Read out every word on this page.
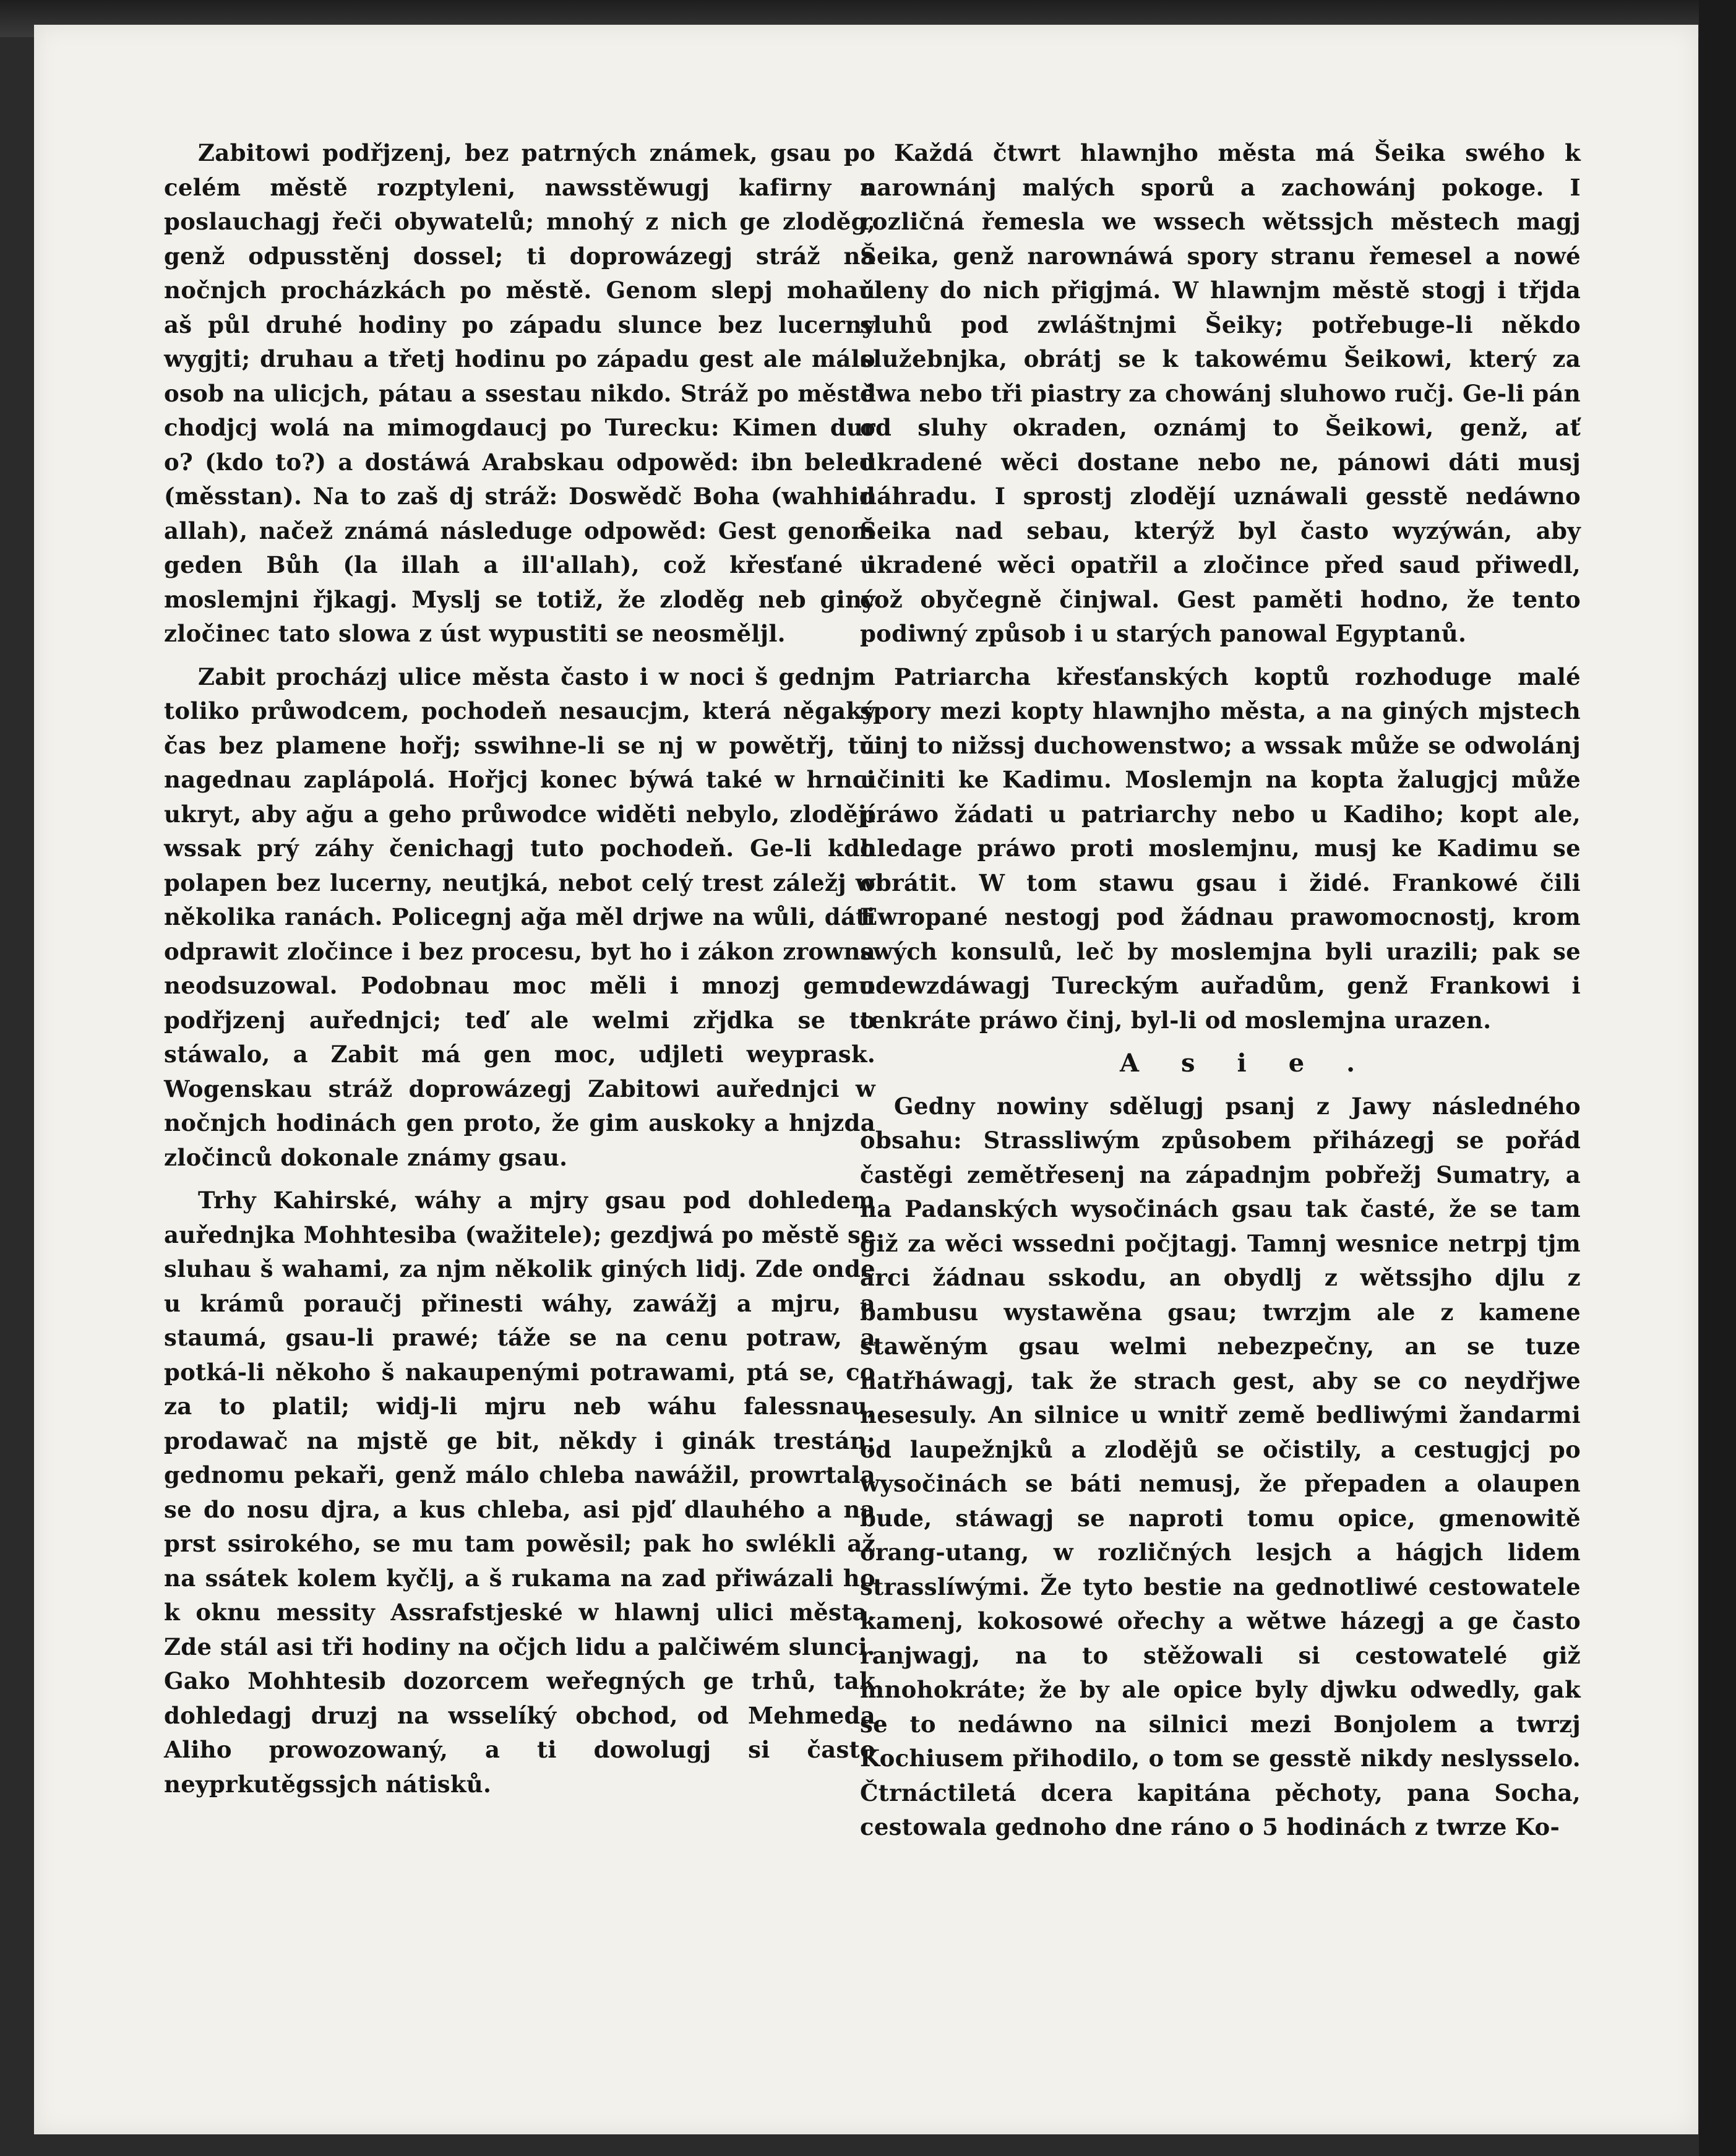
Zabitowi podřjzenj, bez patrných známek, gsau po celém městě rozptyleni, nawsstěwugj kafirny a poslauchagj řeči obywatelů; mnohý z nich ge zloděg, genž odpusstěnj dossel; ti doprowázegj stráž na nočnjch procházkách po městě. Genom slepj mohau aš půl druhé hodiny po západu slunce bez lucerny wygjti; druhau a třetj hodinu po západu gest ale málo osob na ulicjch, pátau a ssestau nikdo. Stráž po městě chodjcj wolá na mimogdaucj po Turecku: Kimen dur o? (kdo to?) a dostáwá Arabskau odpowěd: ibn beled (měsstan). Na to zaš dj stráž: Doswědč Boha (wahhid allah), načež známá následuge odpowěd: Gest genom geden Bůh (la illah a ill'allah), což křesťané i moslemjni řjkagj. Myslj se totiž, že zloděg neb giný zločinec tato slowa z úst wypustiti se neosměljl.

Zabit procházj ulice města často i w noci š gednjm toliko průwodcem, pochodeň nesaucjm, která něgaký čas bez plamene hořj; sswihne-li se nj w powětřj, tu nagednau zaplápolá. Hořjcj konec býwá také w hrnci ukryt, aby ağu a geho průwodce widěti nebylo, zlodějí wssak prý záhy čenichagj tuto pochodeň. Ge-li kdo polapen bez lucerny, neutjká, nebot celý trest záležj w několika ranách. Policegnj ağa měl drjwe na wůli, dáti odprawit zločince i bez procesu, byt ho i zákon zrowna neodsuzowal. Podobnau moc měli i mnozj gemu podřjzenj auřednjci; teď ale welmi zřjdka se to stáwalo, a Zabit má gen moc, udjleti weyprask. Wogenskau stráž doprowázegj Zabitowi auřednjci w nočnjch hodinách gen proto, že gim auskoky a hnjzda zločinců dokonale známy gsau.

Trhy Kahirské, wáhy a mjry gsau pod dohledem auřednjka Mohhtesiba (wažitele); gezdjwá po městě se sluhau š wahami, za njm několik giných lidj. Zde onde u krámů poraučj přinesti wáhy, zawážj a mjru, a staumá, gsau-li prawé; táže se na cenu potraw, a potká-li někoho š nakaupenými potrawami, ptá se, co za to platil; widj-li mjru neb wáhu falessnau, prodawač na mjstě ge bit, někdy i ginák trestán; gednomu pekaři, genž málo chleba nawážil, prowrtala se do nosu djra, a kus chleba, asi pjď dlauhého a na prst ssirokého, se mu tam powěsil; pak ho swlékli až na ssátek kolem kyčlj, a š rukama na zad přiwázali ho k oknu messity Assrafstjeské w hlawnj ulici města. Zde stál asi tři hodiny na očjch lidu a palčiwém slunci. Gako Mohhtesib dozorcem weřegných ge trhů, tak dohledagj druzj na wsselíký obchod, od Mehmeda Aliho prowozowaný, a ti dowolugj si často neyprkutěgssjch nátisků.

Každá čtwrt hlawnjho města má Šeika swého k narownánj malých sporů a zachowánj pokoge. I rozličná řemesla we wssech wětssjch městech magj Šeika, genž narownáwá spory stranu řemesel a nowé členy do nich přigjmá. W hlawnjm městě stogj i třjda sluhů pod zwláštnjmi Šeiky; potřebuge-li někdo služebnjka, obrátj se k takowému Šeikowi, který za dwa nebo tři piastry za chowánj sluhowo ručj. Ge-li pán od sluhy okraden, oznámj to Šeikowi, genž, ať ukradené wěci dostane nebo ne, pánowi dáti musj náhradu. I sprostj zlodějí uznáwali gesstě nedáwno Šeika nad sebau, kterýž byl často wyzýwán, aby ukradené wěci opatřil a zločince před saud přiwedl, což obyčegně činjwal. Gest paměti hodno, že tento podiwný způsob i u starých panowal Egyptanů.

Patriarcha křesťanských koptů rozhoduge malé spory mezi kopty hlawnjho města, a na giných mjstech činj to nižssj duchowenstwo; a wssak může se odwolánj učiniti ke Kadimu. Moslemjn na kopta žalugjcj může práwo žádati u patriarchy nebo u Kadiho; kopt ale, hledage práwo proti moslemjnu, musj ke Kadimu se obrátit. W tom stawu gsau i židé. Frankowé čili Ewropané nestogj pod žádnau prawomocnostj, krom swých konsulů, leč by moslemjna byli urazili; pak se odewzdáwagj Tureckým auřadům, genž Frankowi i tenkráte práwo činj, byl-li od moslemjna urazen.

Asie.

Gedny nowiny sdělugj psanj z Jawy následného obsahu: Strassliwým způsobem přiházegj se pořád častěgi zemětřesenj na západnjm pobřežj Sumatry, a na Padanských wysočinách gsau tak časté, že se tam giž za wěci wssedni počjtagj. Tamnj wesnice netrpj tjm arci žádnau sskodu, an obydlj z wětssjho djlu z bambusu wystawěna gsau; twrzjm ale z kamene stawěným gsau welmi nebezpečny, an se tuze natřháwagj, tak že strach gest, aby se co neydřjwe nesesuly. An silnice u wnitř země bedliwými žandarmi od laupežnjků a zlodějů se očistily, a cestugjcj po wysočinách se báti nemusj, že přepaden a olaupen bude, stáwagj se naproti tomu opice, gmenowitě orang-utang, w rozličných lesjch a hágjch lidem strasslíwými. Že tyto bestie na gednotliwé cestowatele kamenj, kokosowé ořechy a wětwe házegj a ge často ranjwagj, na to stěžowali si cestowatelé giž mnohokráte; že by ale opice byly djwku odwedly, gak se to nedáwno na silnici mezi Bonjolem a twrzj Kochiusem přihodilo, o tom se gesstě nikdy neslysselo. Čtrnáctiletá dcera kapitána pěchoty, pana Socha, cestowala gednoho dne ráno o 5 hodinách z twrze Ko-
